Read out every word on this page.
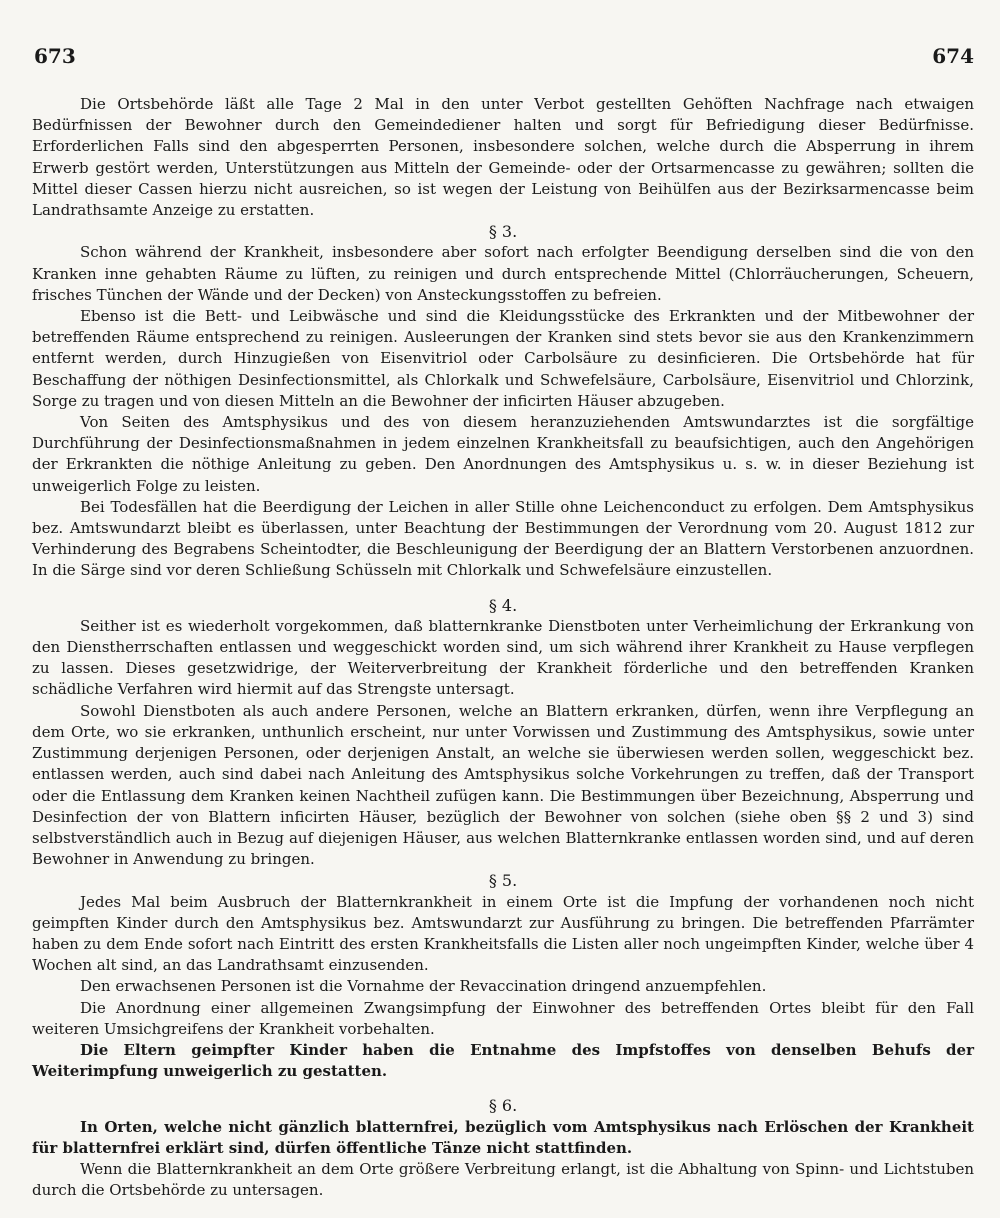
673	674

Die Ortsbehörde läßt alle Tage 2 Mal in den unter Verbot gestellten Gehöften Nachfrage nach etwaigen Bedürfnissen der Bewohner durch den Gemeindediener halten und sorgt für Befriedigung dieser Bedürfnisse. Erforderlichen Falls sind den abgesperrten Personen, insbesondere solchen, welche durch die Absperrung in ihrem Erwerb gestört werden, Unterstützungen aus Mitteln der Gemeinde- oder der Ortsarmencasse zu gewähren; sollten die Mittel dieser Cassen hierzu nicht ausreichen, so ist wegen der Leistung von Beihülfen aus der Bezirksarmencasse beim Landrathsamte Anzeige zu erstatten.

§ 3.

Schon während der Krankheit, insbesondere aber sofort nach erfolgter Beendigung derselben sind die von den Kranken inne gehabten Räume zu lüften, zu reinigen und durch entsprechende Mittel (Chlorräucherungen, Scheuern, frisches Tünchen der Wände und der Decken) von Ansteckungsstoffen zu befreien.

Ebenso ist die Bett- und Leibwäsche und sind die Kleidungsstücke des Erkrankten und der Mitbewohner der betreffenden Räume entsprechend zu reinigen. Ausleerungen der Kranken sind stets bevor sie aus den Krankenzimmern entfernt werden, durch Hinzugießen von Eisenvitriol oder Carbolsäure zu desinficieren. Die Ortsbehörde hat für Beschaffung der nöthigen Desinfectionsmittel, als Chlorkalk und Schwefelsäure, Carbolsäure, Eisenvitriol und Chlorzink, Sorge zu tragen und von diesen Mitteln an die Bewohner der inficirten Häuser abzugeben.

Von Seiten des Amtsphysikus und des von diesem heranzuziehenden Amtswundarztes ist die sorgfältige Durchführung der Desinfectionsmaßnahmen in jedem einzelnen Krankheitsfall zu beaufsichtigen, auch den Angehörigen der Erkrankten die nöthige Anleitung zu geben. Den Anordnungen des Amtsphysikus u. s. w. in dieser Beziehung ist unweigerlich Folge zu leisten.

Bei Todesfällen hat die Beerdigung der Leichen in aller Stille ohne Leichenconduct zu erfolgen. Dem Amtsphysikus bez. Amtswundarzt bleibt es überlassen, unter Beachtung der Bestimmungen der Verordnung vom 20. August 1812 zur Verhinderung des Begrabens Scheintodter, die Beschleunigung der Beerdigung der an Blattern Verstorbenen anzuordnen. In die Särge sind vor deren Schließung Schüsseln mit Chlorkalk und Schwefelsäure einzustellen.

§ 4.

Seither ist es wiederholt vorgekommen, daß blatternkranke Dienstboten unter Verheimlichung der Erkrankung von den Dienstherrschaften entlassen und weggeschickt worden sind, um sich während ihrer Krankheit zu Hause verpflegen zu lassen. Dieses gesetzwidrige, der Weiterverbreitung der Krankheit förderliche und den betreffenden Kranken schädliche Verfahren wird hiermit auf das Strengste untersagt.

Sowohl Dienstboten als auch andere Personen, welche an Blattern erkranken, dürfen, wenn ihre Verpflegung an dem Orte, wo sie erkranken, unthunlich erscheint, nur unter Vorwissen und Zustimmung des Amtsphysikus, sowie unter Zustimmung derjenigen Personen, oder derjenigen Anstalt, an welche sie überwiesen werden sollen, weggeschickt bez. entlassen werden, auch sind dabei nach Anleitung des Amtsphysikus solche Vorkehrungen zu treffen, daß der Transport oder die Entlassung dem Kranken keinen Nachtheil zufügen kann. Die Bestimmungen über Bezeichnung, Absperrung und Desinfection der von Blattern inficirten Häuser, bezüglich der Bewohner von solchen (siehe oben §§ 2 und 3) sind selbstverständlich auch in Bezug auf diejenigen Häuser, aus welchen Blatternkranke entlassen worden sind, und auf deren Bewohner in Anwendung zu bringen.

§ 5.

Jedes Mal beim Ausbruch der Blatternkrankheit in einem Orte ist die Impfung der vorhandenen noch nicht geimpften Kinder durch den Amtsphysikus bez. Amtswundarzt zur Ausführung zu bringen. Die betreffenden Pfarrämter haben zu dem Ende sofort nach Eintritt des ersten Krankheitsfalls die Listen aller noch ungeimpften Kinder, welche über 4 Wochen alt sind, an das Landrathsamt einzusenden.

Den erwachsenen Personen ist die Vornahme der Revaccination dringend anzuempfehlen.

Die Anordnung einer allgemeinen Zwangsimpfung der Einwohner des betreffenden Ortes bleibt für den Fall weiteren Umsichgreifens der Krankheit vorbehalten.

Die Eltern geimpfter Kinder haben die Entnahme des Impfstoffes von denselben Behufs der Weiterimpfung unweigerlich zu gestatten.

§ 6.

In Orten, welche nicht gänzlich blatternfrei, bezüglich vom Amtsphysikus nach Erlöschen der Krankheit für blatternfrei erklärt sind, dürfen öffentliche Tänze nicht stattfinden.

Wenn die Blatternkrankheit an dem Orte größere Verbreitung erlangt, ist die Abhaltung von Spinn- und Lichtstuben durch die Ortsbehörde zu untersagen.
